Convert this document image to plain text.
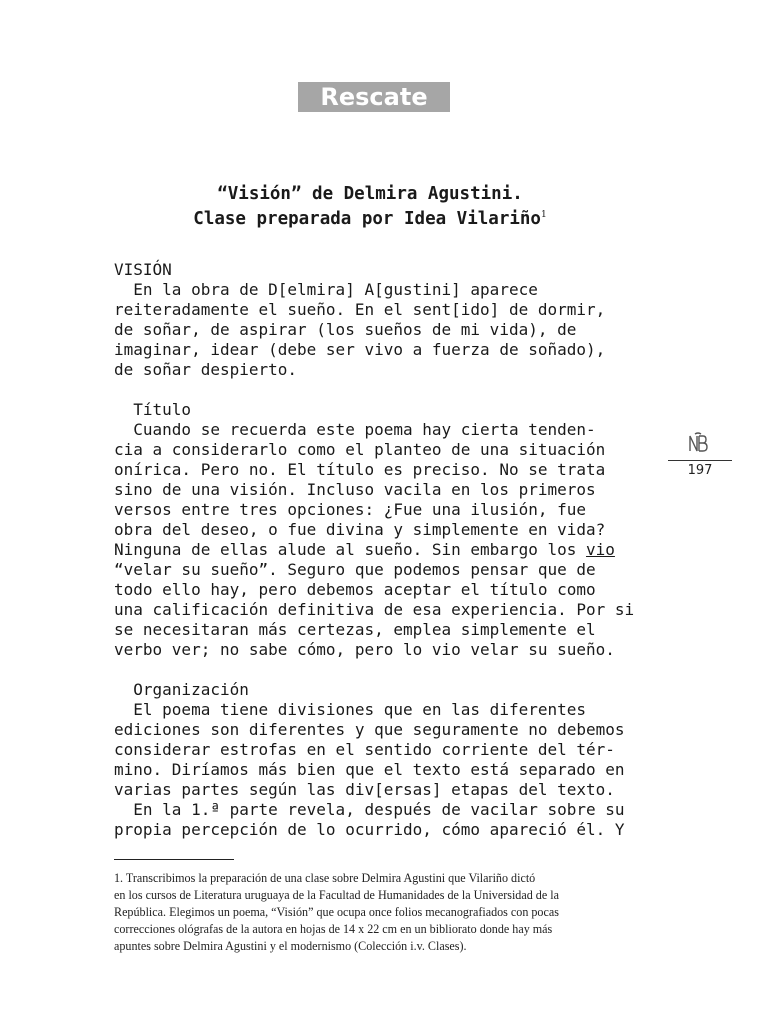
Rescate
“Visión” de Delmira Agustini.
Clase preparada por Idea Vilariño$^1$
VISIÓN
En la obra de D[elmira] A[gustini] aparece
reiteradamente el sueño. En el sent[ido] de dormir,
de soñar, de aspirar (los sueños de mi vida), de
imaginar, idear (debe ser vivo a fuerza de soñado),
de soñar despierto.
Título
Cuando se recuerda este poema hay cierta tenden-
cia a considerarlo como el planteo de una situación
onírica. Pero no. El título es preciso. No se trata
sino de una visión. Incluso vacila en los primeros
versos entre tres opciones: ¿Fue una ilusión, fue
obra del deseo, o fue divina y simplemente en vida?
Ninguna de ellas alude al sueño. Sin embargo los vio
“velar su sueño”. Seguro que podemos pensar que de
todo ello hay, pero debemos aceptar el título como
una calificación definitiva de esa experiencia. Por si
se necesitaran más certezas, emplea simplemente el
verbo ver; no sabe cómo, pero lo vio velar su sueño.
Organización
El poema tiene divisiones que en las diferentes
ediciones son diferentes y que seguramente no debemos
considerar estrofas en el sentido corriente del tér-
mino. Diríamos más bien que el texto está separado en
varias partes según las div[ersas] etapas del texto.
En la 1.ª parte revela, después de vacilar sobre su
propia percepción de lo ocurrido, cómo apareció él. Y
197
1. Transcribimos la preparación de una clase sobre Delmira Agustini que Vilariño dictó
en los cursos de Literatura uruguaya de la Facultad de Humanidades de la Universidad de la
República. Elegimos un poema, “Visión” que ocupa once folios mecanografiados con pocas
correcciones ológrafas de la autora en hojas de 14 x 22 cm en un biblioratо donde hay más
apuntes sobre Delmira Agustini y el modernismo (Colección i.v. Clases).
